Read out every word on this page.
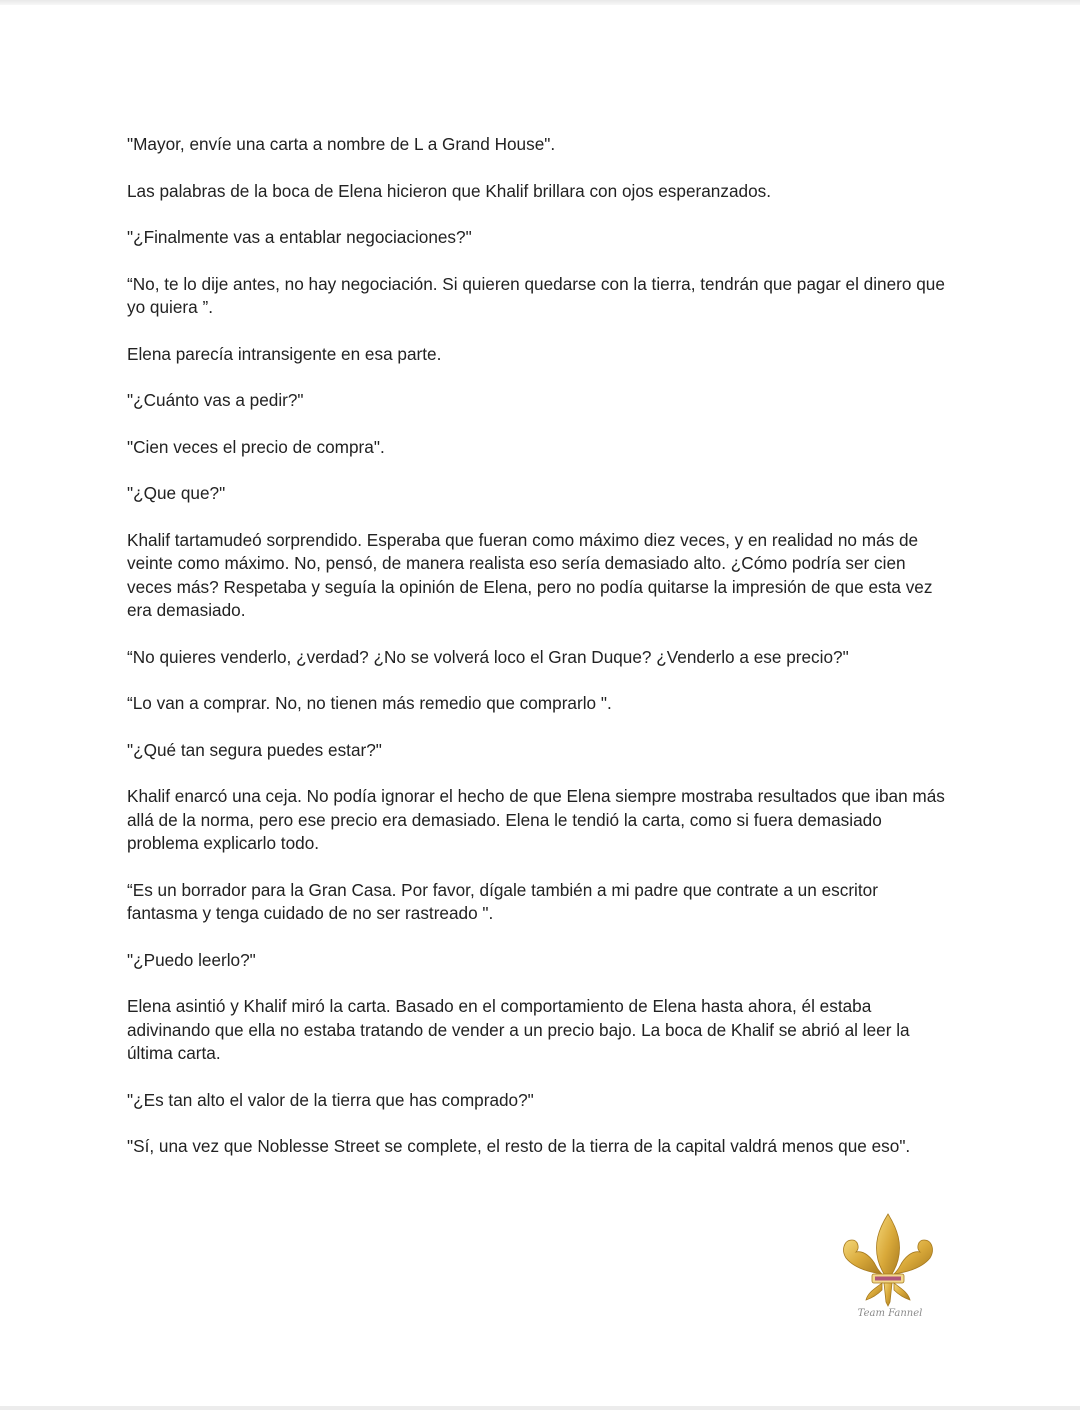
"Mayor, envíe una carta a nombre de L a Grand House".

Las palabras de la boca de Elena hicieron que Khalif brillara con ojos esperanzados.

"¿Finalmente vas a entablar negociaciones?"

“No, te lo dije antes, no hay negociación. Si quieren quedarse con la tierra, tendrán que pagar el dinero que yo quiera ”.

Elena parecía intransigente en esa parte.

"¿Cuánto vas a pedir?"

"Cien veces el precio de compra".

"¿Que que?"

Khalif tartamudeó sorprendido. Esperaba que fueran como máximo diez veces, y en realidad no más de veinte como máximo. No, pensó, de manera realista eso sería demasiado alto. ¿Cómo podría ser cien veces más? Respetaba y seguía la opinión de Elena, pero no podía quitarse la impresión de que esta vez era demasiado.

“No quieres venderlo, ¿verdad? ¿No se volverá loco el Gran Duque? ¿Venderlo a ese precio?"

“Lo van a comprar. No, no tienen más remedio que comprarlo ".

"¿Qué tan segura puedes estar?"

Khalif enarcó una ceja. No podía ignorar el hecho de que Elena siempre mostraba resultados que iban más allá de la norma, pero ese precio era demasiado. Elena le tendió la carta, como si fuera demasiado problema explicarlo todo.

“Es un borrador para la Gran Casa. Por favor, dígale también a mi padre que contrate a un escritor fantasma y tenga cuidado de no ser rastreado ".

"¿Puedo leerlo?"

Elena asintió y Khalif miró la carta. Basado en el comportamiento de Elena hasta ahora, él estaba adivinando que ella no estaba tratando de vender a un precio bajo. La boca de Khalif se abrió al leer la última carta.

"¿Es tan alto el valor de la tierra que has comprado?"

"Sí, una vez que Noblesse Street se complete, el resto de la tierra de la capital valdrá menos que eso".

Team Fannel
